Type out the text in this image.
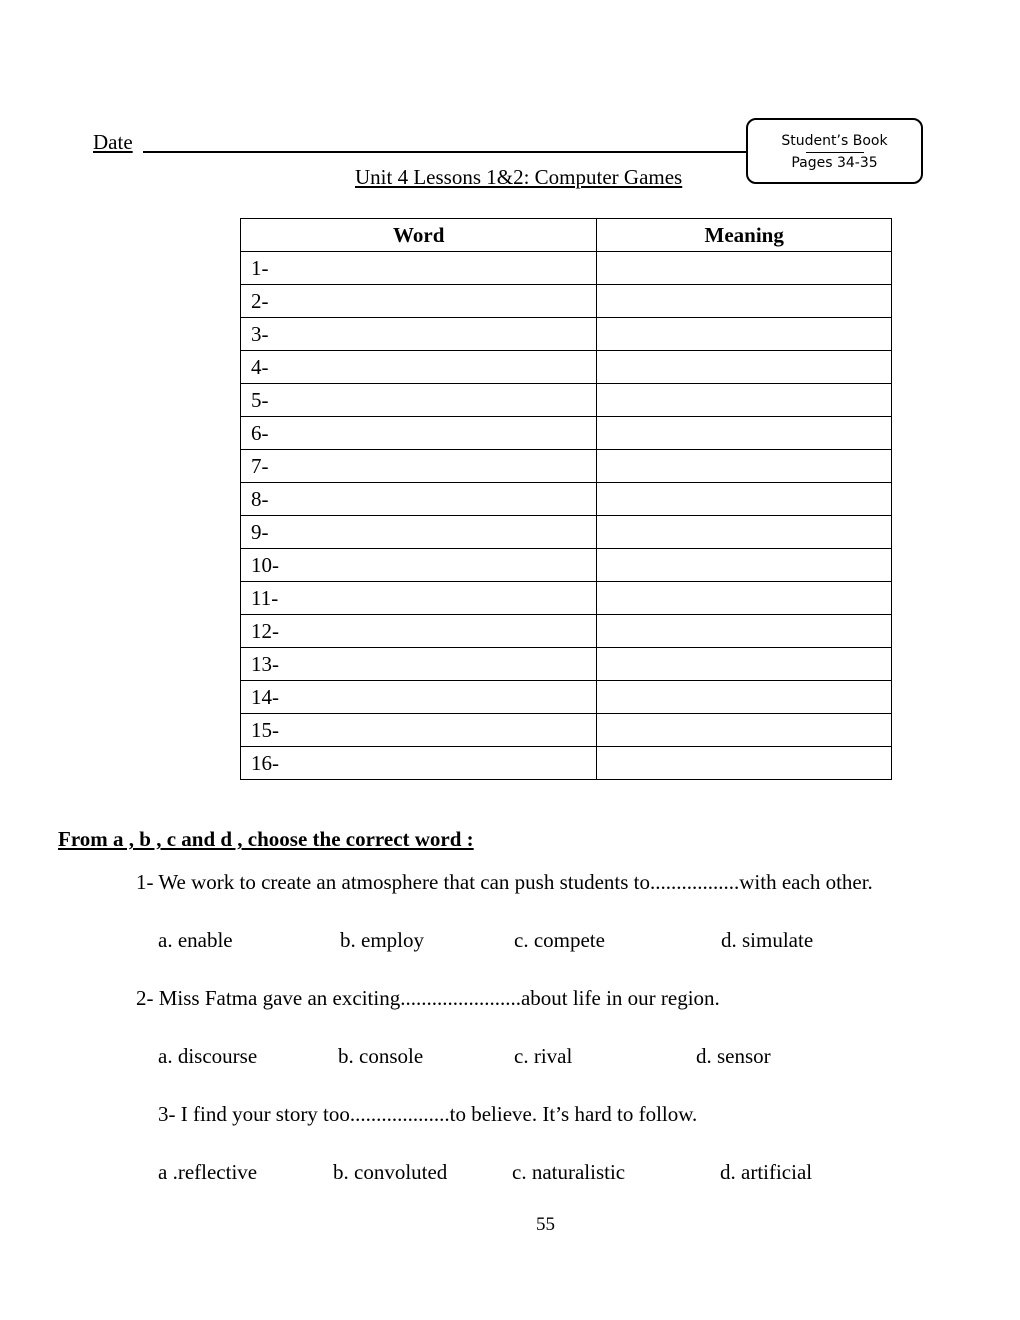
Date	Student’s Book
Pages 34-35
Unit 4 Lessons 1&2: Computer Games
Word	Meaning
1-	
2-	
3-	
4-	
5-	
6-	
7-	
8-	
9-	
10-	
11-	
12-	
13-	
14-	
15-	
16-	
From a , b , c and d , choose the correct word :
1- We work to create an atmosphere that can push students to.................with each other.
a. enable	b. employ	c. compete	d. simulate
2- Miss Fatma gave an exciting.......................about life in our region.
a. discourse	b. console	c. rival	d. sensor
3- I find your story too...................to believe. It’s hard to follow.
a .reflective	b. convoluted	c. naturalistic	d. artificial
55
